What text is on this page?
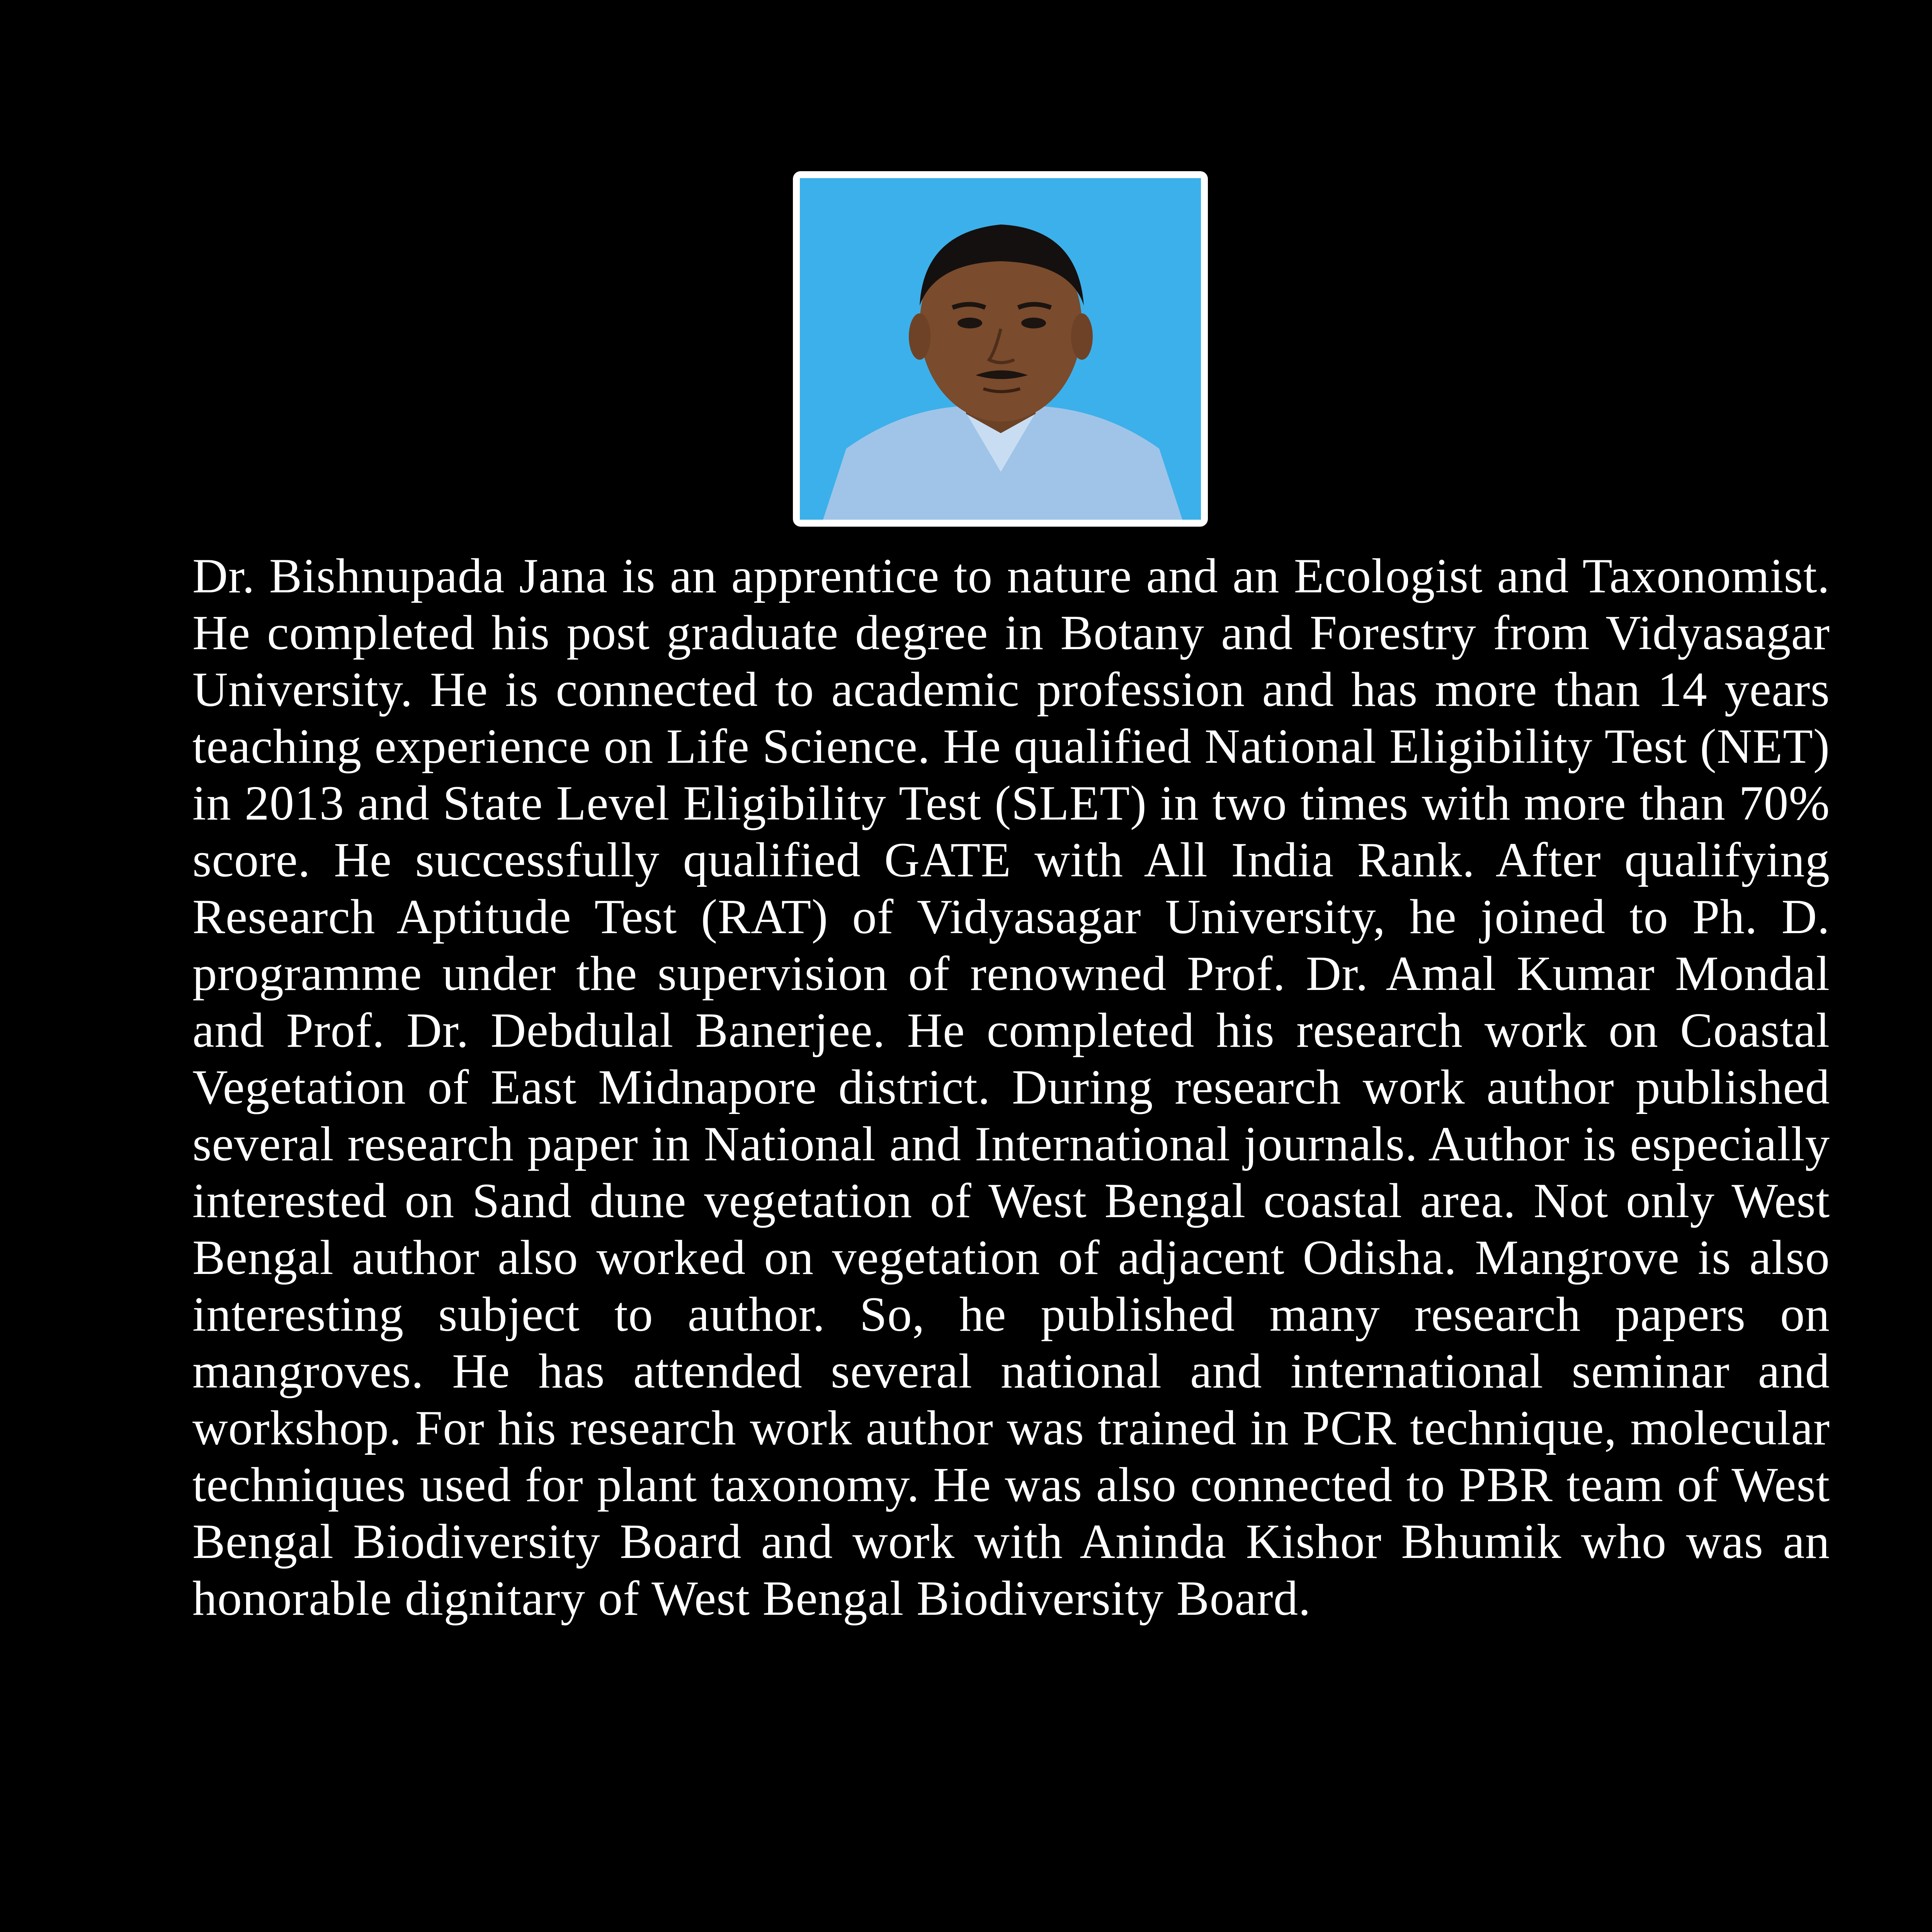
Dr. Bishnupada Jana is an apprentice to nature and an Ecologist and Taxonomist. He completed his post graduate degree in Botany and Forestry from Vidyasagar University. He is connected to academic profession and has more than 14 years teaching experience on Life Science. He qualified National Eligibility Test (NET) in 2013 and State Level Eligibility Test (SLET) in two times with more than 70% score. He successfully qualified GATE with All India Rank. After qualifying Research Aptitude Test (RAT) of Vidyasagar University, he joined to Ph. D. programme under the supervision of renowned Prof. Dr. Amal Kumar Mondal and Prof. Dr. Debdulal Banerjee. He completed his research work on Coastal Vegetation of East Midnapore district. During research work author published several research paper in National and International journals. Author is especially interested on Sand dune vegetation of West Bengal coastal area. Not only West Bengal author also worked on vegetation of adjacent Odisha. Mangrove is also interesting subject to author. So, he published many research papers on mangroves. He has attended several national and international seminar and workshop. For his research work author was trained in PCR technique, molecular techniques used for plant taxonomy. He was also connected to PBR team of West Bengal Biodiversity Board and work with Aninda Kishor Bhumik who was an honorable dignitary of West Bengal Biodiversity Board.
